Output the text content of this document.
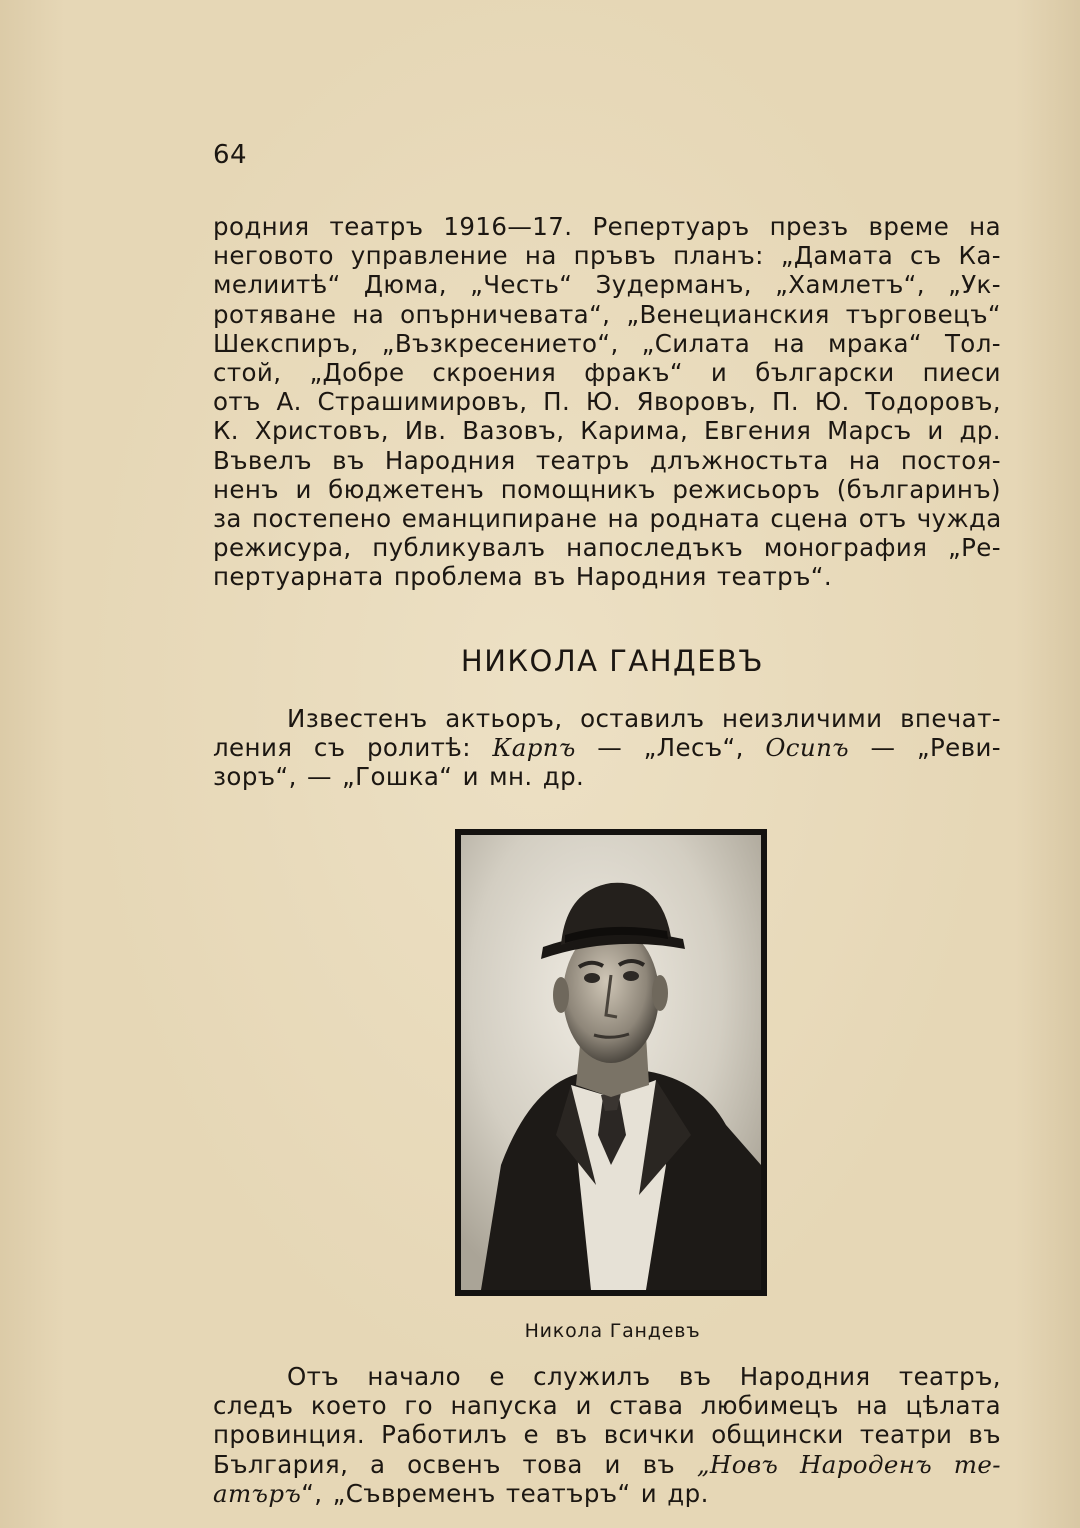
64
родния театръ 1916—17. Репертуаръ презъ време на
неговото управление на пръвъ планъ: „Дамата съ Ка-
мелиитѣ“ Дюма, „Честь“ Зудерманъ, „Хамлетъ“, „Ук-
ротяване на опърничевата“, „Венецианския търговецъ“
Шекспиръ, „Възкресението“, „Силата на мрака“ Тол-
стой, „Добре скроения фракъ“ и български пиеси
отъ А. Страшимировъ, П. Ю. Яворовъ, П. Ю. Тодоровъ,
К. Христовъ, Ив. Вазовъ, Карима, Евгения Марсъ и др.
Въвелъ въ Народния театръ длъжностьта на постоя-
ненъ и бюджетенъ помощникъ режисьоръ (българинъ)
за постепено еманципиране на родната сцена отъ чужда
режисура, публикувалъ напоследъкъ монография „Ре-
пертуарната проблема въ Народния театръ“.
НИКОЛА ГАНДЕВЪ
Известенъ актьоръ, оставилъ неизличими впечат-
ления съ ролитѣ: Карпъ — „Лесъ“, Осипъ — „Реви-
зоръ“, — „Гошка“ и мн. др.
Никола Гандевъ
Отъ начало е служилъ въ Народния театръ,
следъ което го напуска и става любимецъ на цѣлата
провинция. Работилъ е въ всички общински театри въ
България, а освенъ това и въ „Новъ Народенъ те-
атъръ“, „Съвременъ театъръ“ и др.
